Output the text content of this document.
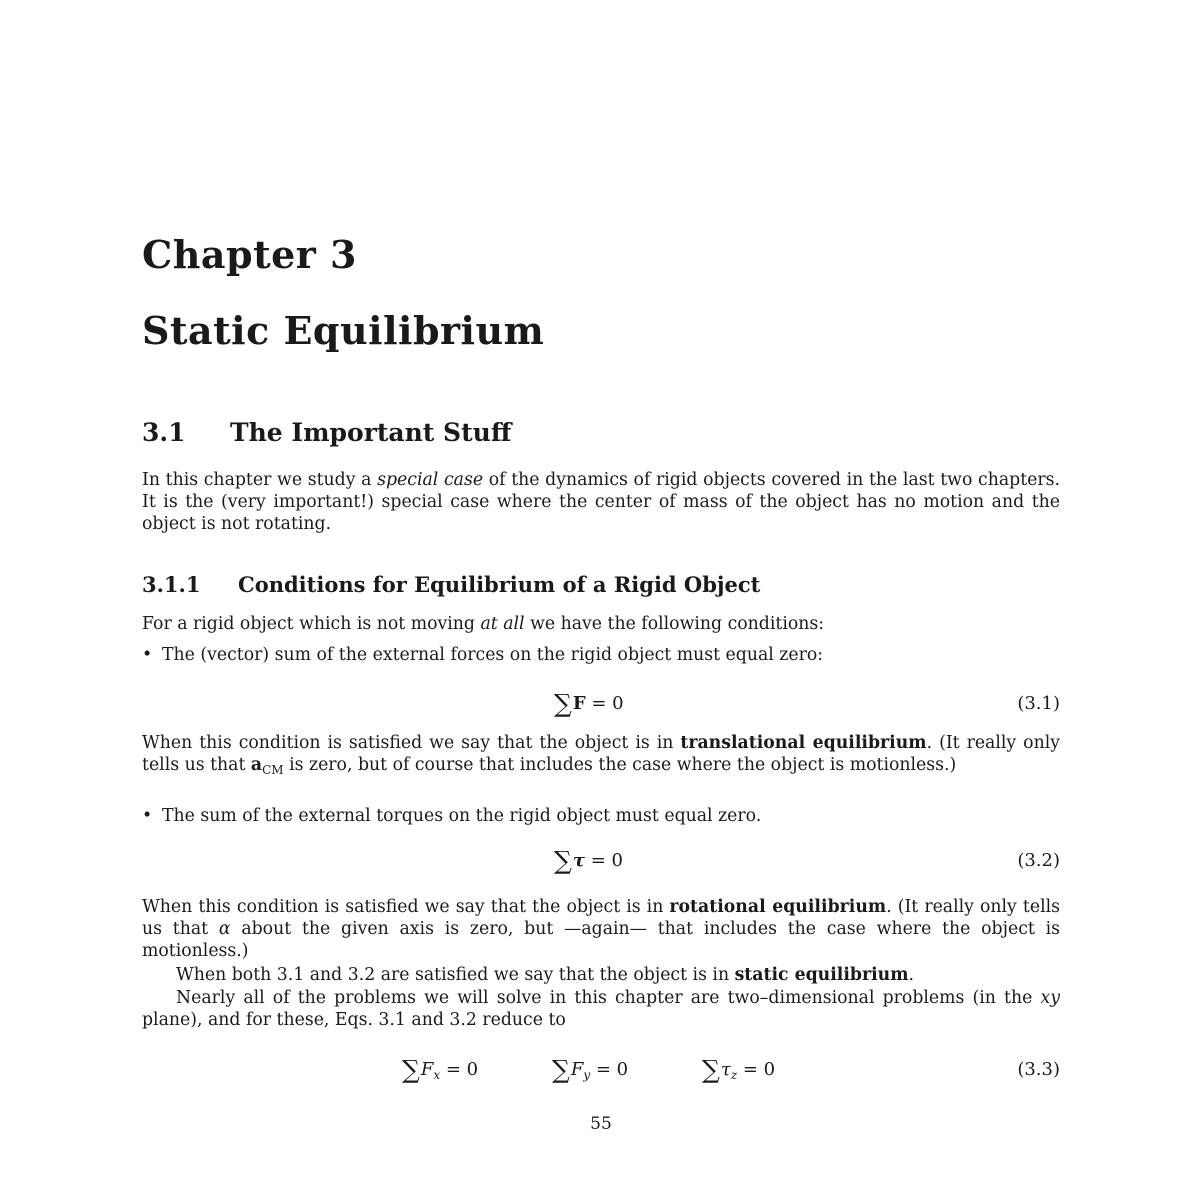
Chapter 3
Static Equilibrium
3.1 The Important Stuff
In this chapter we study a special case of the dynamics of rigid objects covered in the last two chapters. It is the (very important!) special case where the center of mass of the object has no motion and the object is not rotating.
3.1.1 Conditions for Equilibrium of a Rigid Object
For a rigid object which is not moving at all we have the following conditions:
• The (vector) sum of the external forces on the rigid object must equal zero:
∑F = 0	(3.1)
When this condition is satisfied we say that the object is in translational equilibrium. (It really only tells us that $a_{CM}$ is zero, but of course that includes the case where the object is motionless.)
• The sum of the external torques on the rigid object must equal zero.
∑τ = 0	(3.2)
When this condition is satisfied we say that the object is in rotational equilibrium. (It really only tells us that α about the given axis is zero, but —again— that includes the case where the object is motionless.)
When both 3.1 and 3.2 are satisfied we say that the object is in static equilibrium.
Nearly all of the problems we will solve in this chapter are two–dimensional problems (in the xy plane), and for these, Eqs. 3.1 and 3.2 reduce to
$\sum F_x = 0$	$\sum F_y = 0$	$\sum\tau_z = 0$	(3.3)
55
